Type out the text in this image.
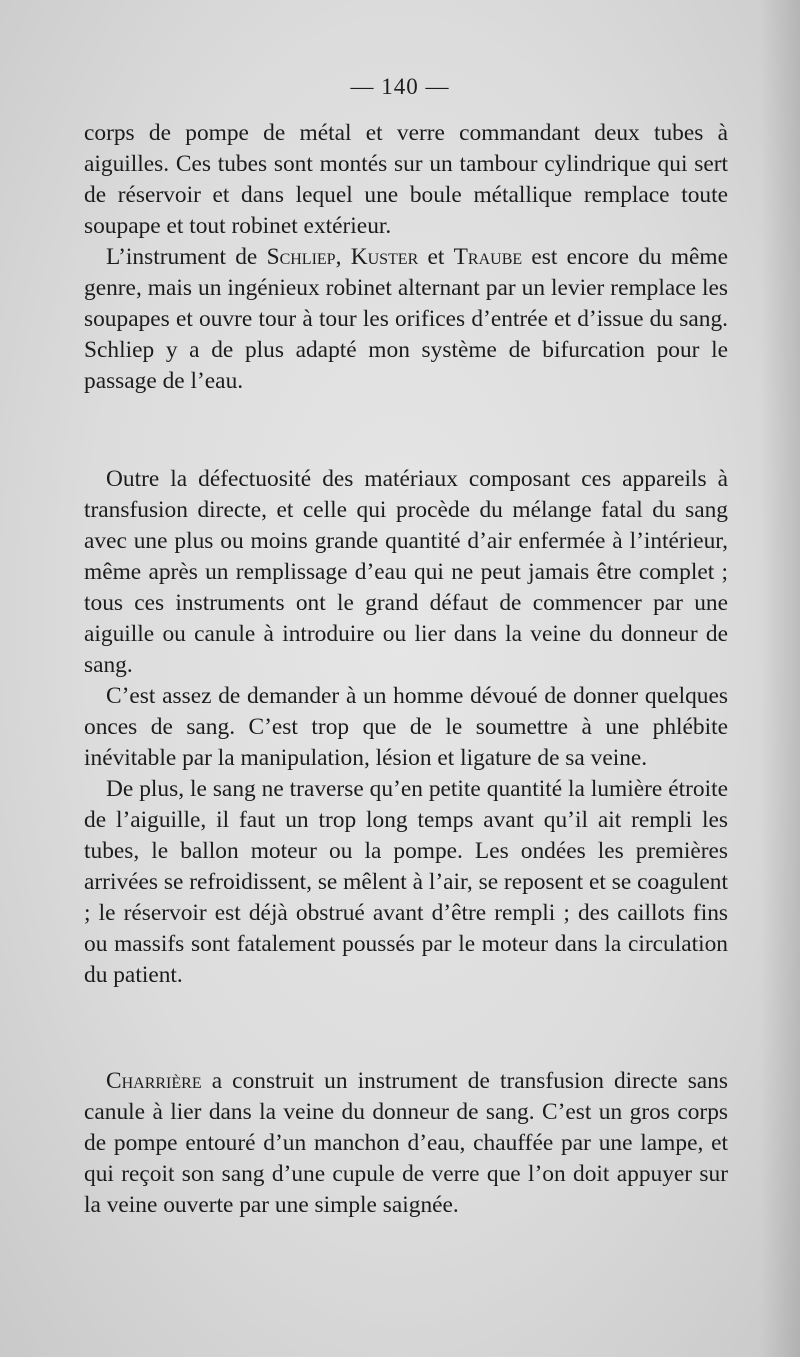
— 140 —

corps de pompe de métal et verre commandant deux tubes à aiguilles. Ces tubes sont montés sur un tambour cylindrique qui sert de réservoir et dans lequel une boule métallique remplace toute soupape et tout robinet extérieur.

L’instrument de Schliep, Kuster et Traube est encore du même genre, mais un ingénieux robinet alternant par un levier remplace les soupapes et ouvre tour à tour les orifices d’entrée et d’issue du sang. Schliep y a de plus adapté mon système de bifurcation pour le passage de l’eau.

Outre la défectuosité des matériaux composant ces appareils à transfusion directe, et celle qui procède du mélange fatal du sang avec une plus ou moins grande quantité d’air enfermée à l’intérieur, même après un remplissage d’eau qui ne peut jamais être complet ; tous ces instruments ont le grand défaut de commencer par une aiguille ou canule à introduire ou lier dans la veine du donneur de sang.

C’est assez de demander à un homme dévoué de donner quelques onces de sang. C’est trop que de le soumettre à une phlébite inévitable par la manipulation, lésion et ligature de sa veine.

De plus, le sang ne traverse qu’en petite quantité la lumière étroite de l’aiguille, il faut un trop long temps avant qu’il ait rempli les tubes, le ballon moteur ou la pompe. Les ondées les premières arrivées se refroidissent, se mêlent à l’air, se reposent et se coagulent ; le réservoir est déjà obstrué avant d’être rempli ; des caillots fins ou massifs sont fatalement poussés par le moteur dans la circulation du patient.

Charrière a construit un instrument de transfusion directe sans canule à lier dans la veine du donneur de sang. C’est un gros corps de pompe entouré d’un manchon d’eau, chauffée par une lampe, et qui reçoit son sang d’une cupule de verre que l’on doit appuyer sur la veine ouverte par une simple saignée.
